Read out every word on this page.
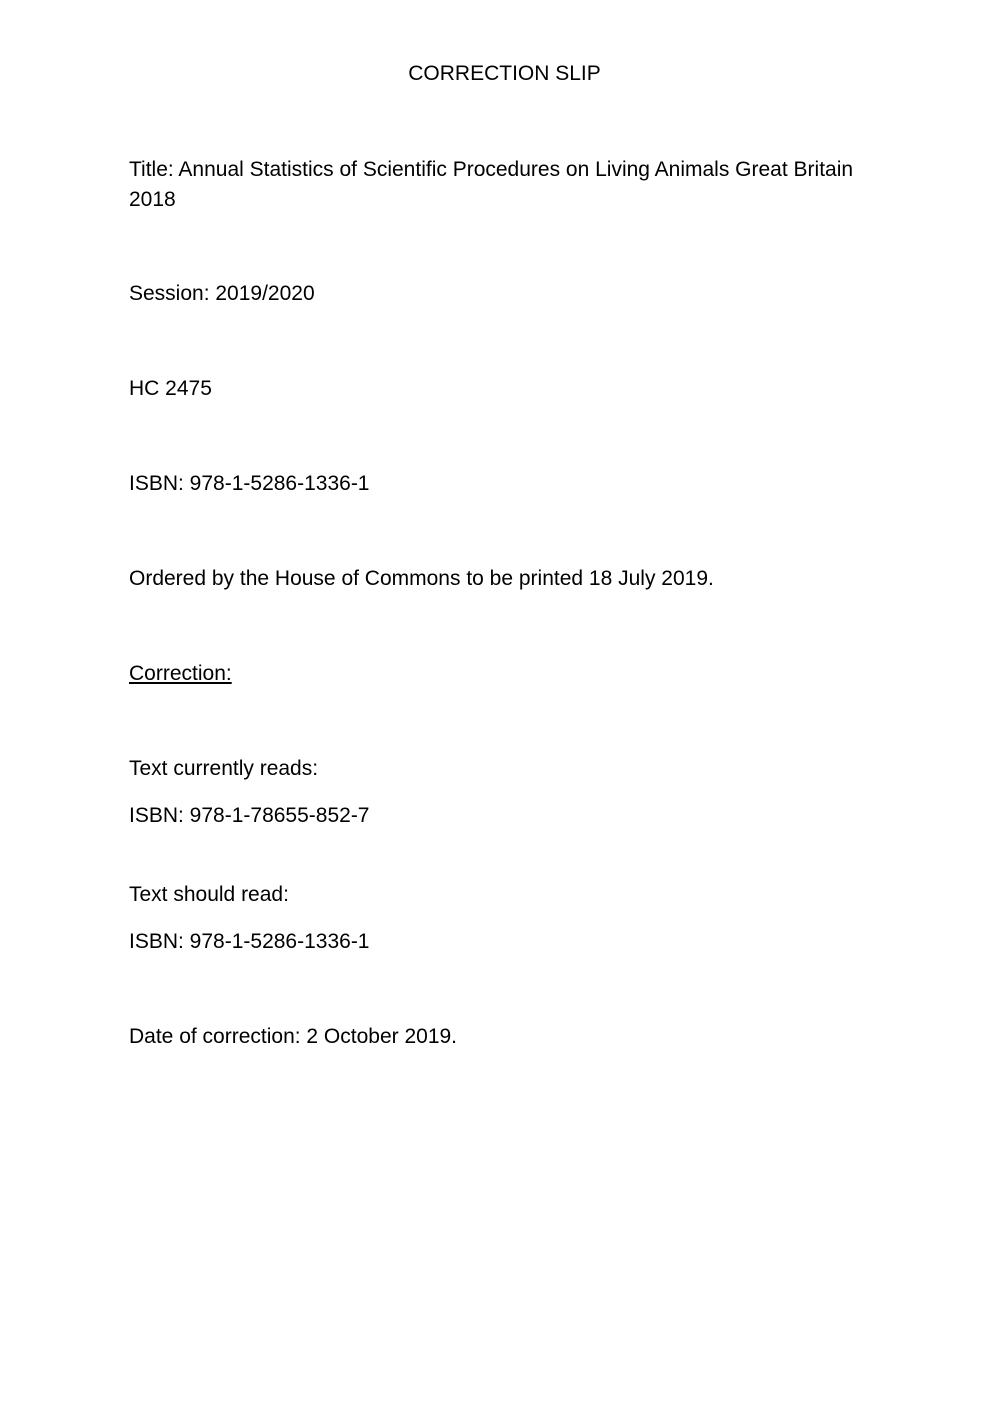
CORRECTION SLIP
Title: Annual Statistics of Scientific Procedures on Living Animals Great Britain 2018
Session: 2019/2020
HC 2475
ISBN: 978-1-5286-1336-1
Ordered by the House of Commons to be printed 18 July 2019.
Correction:
Text currently reads:
ISBN: 978-1-78655-852-7
Text should read:
ISBN: 978-1-5286-1336-1
Date of correction: 2 October 2019.
